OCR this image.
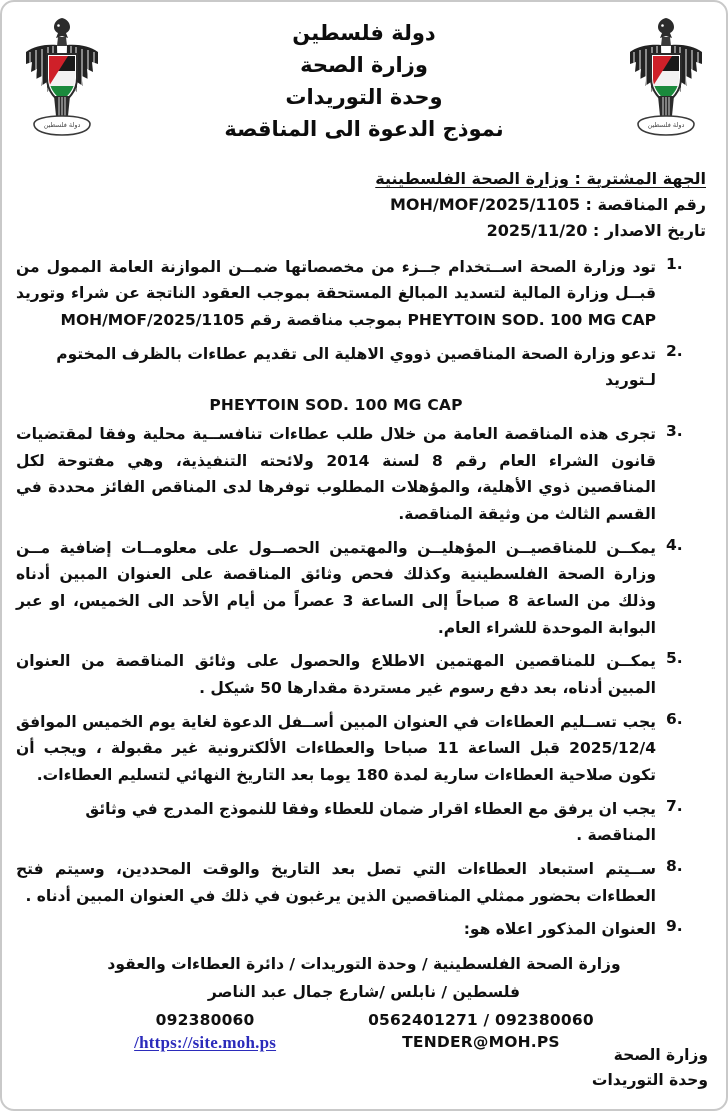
دولة فلسطين
دولة فلسطين
وزارة الصحة
وحدة التوريدات
نموذج الدعوة الى المناقصة
دولة فلسطين
الجهة المشترية : وزارة الصحة الفلسطينية
رقم المناقصة : MOH/MOF/2025/1105
تاريخ الاصدار : 2025/11/20
1.
تود وزارة الصحة اســتخدام جــزء من مخصصاتها ضمــن الموازنة العامة الممول من قبــل وزارة المالية لتسديد المبالغ المستحقة بموجب العقود الناتجة عن شراء وتوريد PHEYTOIN SOD. 100 MG CAP بموجب مناقصة رقم MOH/MOF/2025/1105
2.
تدعو وزارة الصحة المناقصين ذووي الاهلية الى تقديم عطاءات بالظرف المختوم لـتوريد
PHEYTOIN SOD. 100 MG CAP
3.
تجرى هذه المناقصة العامة من خلال طلب عطاءات تنافســية محلية وفقا لمقتضيات قانون الشراء العام رقم 8 لسنة 2014 ولائحته التنفيذية، وهي مفتوحة لكل المناقصين ذوي الأهلية، والمؤهلات المطلوب توفرها لدى المناقص الفائز محددة في القسم الثالث من وثيقة المناقصة.
4.
يمكــن للمناقصيــن المؤهليــن والمهتمين الحصــول على معلومــات إضافية مــن وزارة الصحة الفلسطينية وكذلك فحص وثائق المناقصة على العنوان المبين أدناه وذلك من الساعة 8 صباحاً إلى الساعة 3 عصراً من أيام الأحد الى الخميس، او عبر البوابة الموحدة للشراء العام.
5.
يمكــن للمناقصين المهتمين الاطلاع والحصول على وثائق المناقصة من العنوان المبين أدناه، بعد دفع رسوم غير مستردة مقدارها 50 شيكل .
6.
يجب تســليم العطاءات في العنوان المبين أســفل الدعوة لغاية يوم الخميس الموافق 2025/12/4 قبل الساعة 11 صباحا والعطاءات الألكترونية غير مقبولة ، ويجب أن تكون صلاحية العطاءات سارية لمدة 180 يوما بعد التاريخ النهائي لتسليم العطاءات.
7.
يجب ان يرفق مع العطاء اقرار ضمان للعطاء وفقا للنموذج المدرج في وثائق المناقصة .
8.
ســيتم استبعاد العطاءات التي تصل بعد التاريخ والوقت المحددين، وسيتم فتح العطاءات بحضور ممثلي المناقصين الذين يرغبون في ذلك في العنوان المبين أدناه .
9.
العنوان المذكور اعلاه هو:
وزارة الصحة الفلسطينية / وحدة التوريدات / دائرة العطاءات والعقود
فلسطين / نابلس /شارع جمال عبد الناصر
092380060
/https://site.moh.ps
0562401271 / 092380060
TENDER@MOH.PS
وزارة الصحة
وحدة التوريدات
